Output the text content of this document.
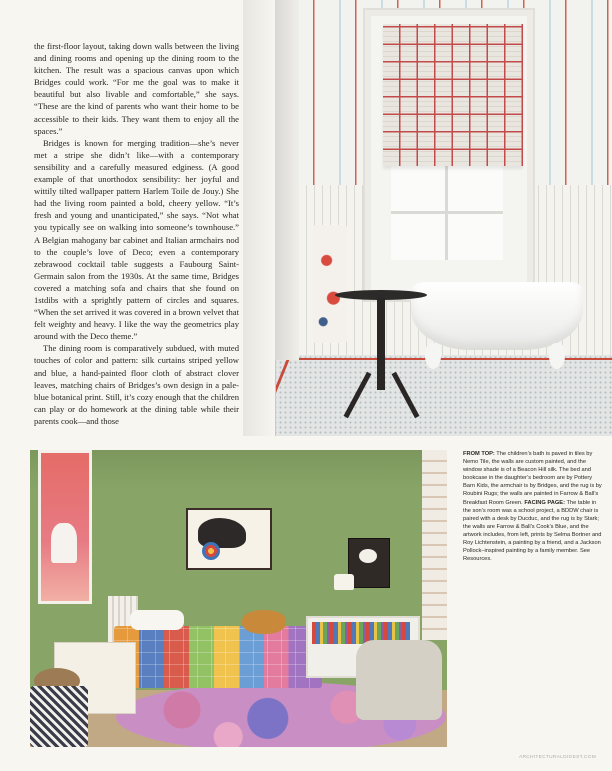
the first-floor layout, taking down walls between the living and dining rooms and opening up the dining room to the kitchen. The result was a spacious canvas upon which Bridges could work. “For me the goal was to make it beautiful but also livable and comfortable,” she says. “These are the kind of parents who want their home to be accessible to their kids. They want them to enjoy all the spaces.”

Bridges is known for merging tradition—she’s never met a stripe she didn’t like—with a contemporary sensibility and a carefully measured edginess. (A good example of that unorthodox sensibility: her joyful and wittily tilted wallpaper pattern Harlem Toile de Jouy.) She had the living room painted a bold, cheery yellow. “It’s fresh and young and unanticipated,” she says. “Not what you typically see on walking into someone’s townhouse.” A Belgian mahogany bar cabinet and Italian armchairs nod to the couple’s love of Deco; even a contemporary zebrawood cocktail table suggests a Faubourg Saint-Germain salon from the 1930s. At the same time, Bridges covered a matching sofa and chairs that she found on 1stdibs with a sprightly pattern of circles and squares. “When the set arrived it was covered in a brown velvet that felt weighty and heavy. I like the way the geometrics play around with the Deco theme.”

The dining room is comparatively subdued, with muted touches of color and pattern: silk curtains striped yellow and blue, a hand-painted floor cloth of abstract clover leaves, matching chairs of Bridges’s own design in a pale-blue botanical print. Still, it’s cozy enough that the children can play or do homework at the dining table while their parents cook—and those

FROM TOP: The children’s bath is paved in tiles by Nemo Tile, the walls are custom painted, and the window shade is of a Beacon Hill silk. The bed and bookcase in the daughter’s bedroom are by Pottery Barn Kids, the armchair is by Bridges, and the rug is by Roubini Rugs; the walls are painted in Farrow & Ball’s Breakfast Room Green. FACING PAGE: The table in the son’s room was a school project, a BDDW chair is paired with a desk by Ducduc, and the rug is by Stark; the walls are Farrow & Ball’s Cook’s Blue, and the artwork includes, from left, prints by Selma Bortner and Roy Lichtenstein, a painting by a friend, and a Jackson Pollock–inspired painting by a family member. See Resources.
ARCHITECTURALDIGEST.COM
